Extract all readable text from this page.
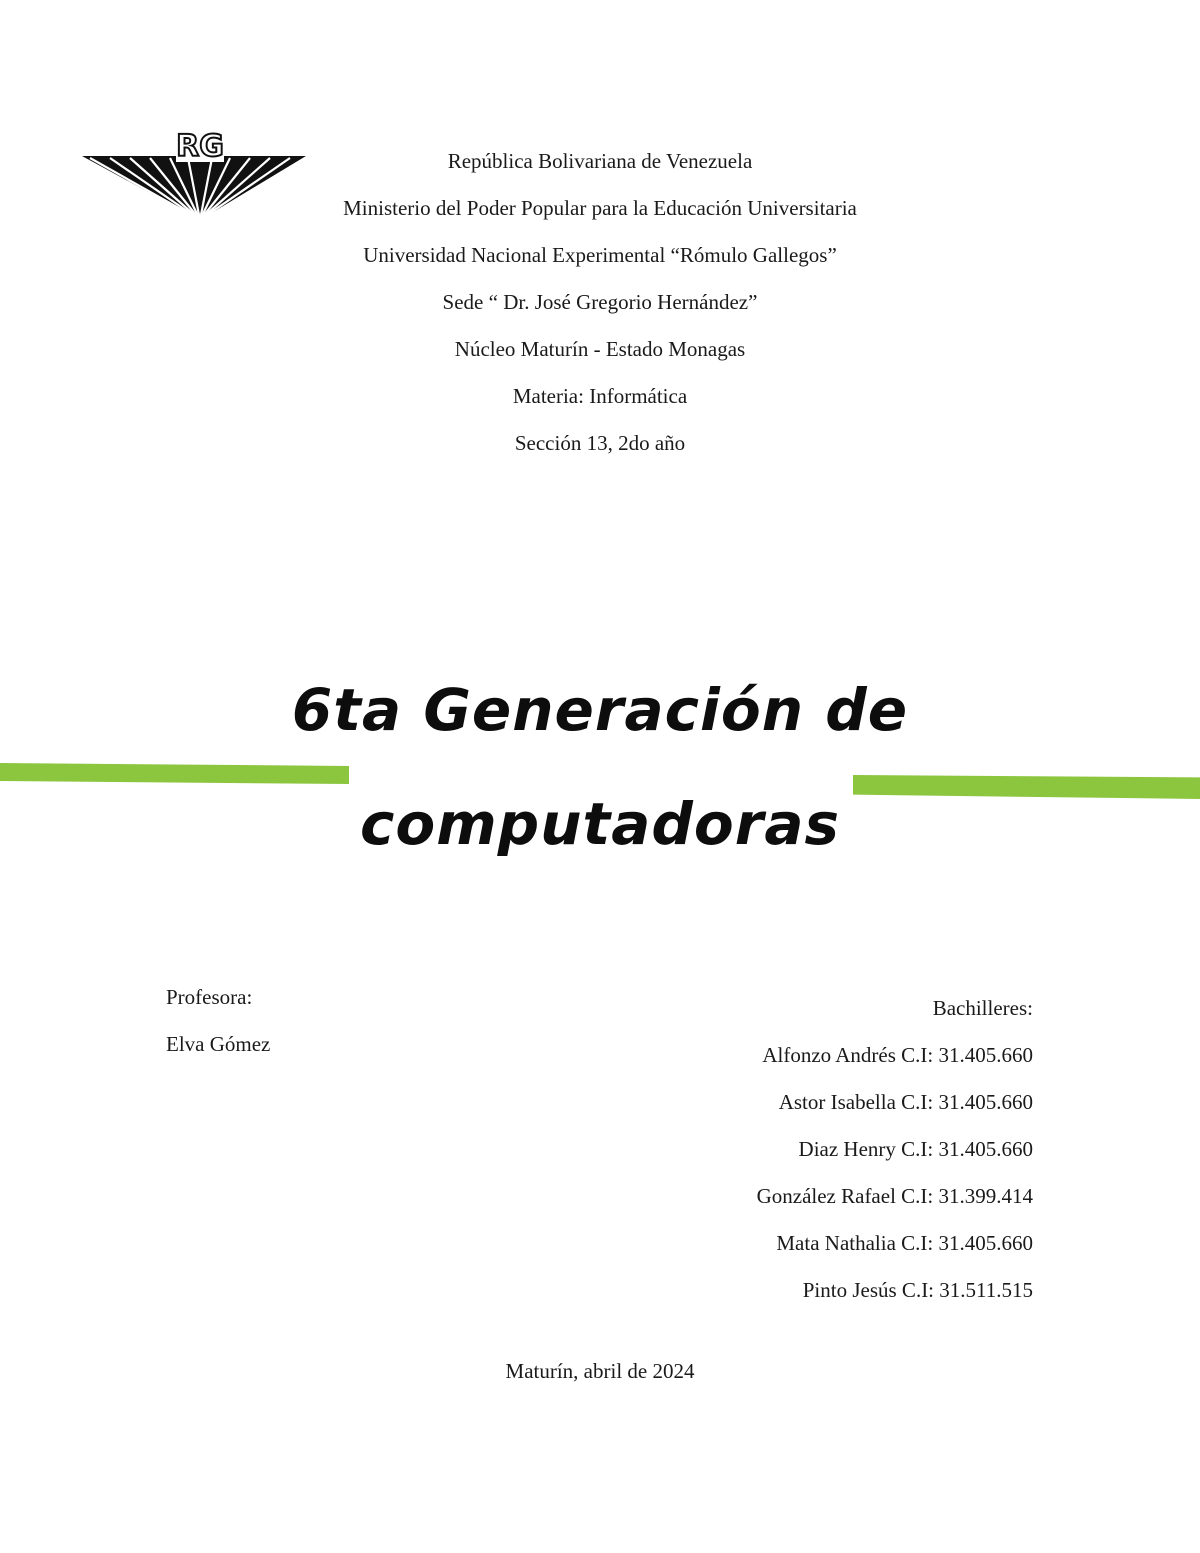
RG	República Bolivariana de Venezuela
Ministerio del Poder Popular para la Educación Universitaria
Universidad Nacional Experimental “Rómulo Gallegos”
Sede “ Dr. José Gregorio Hernández”
Núcleo Maturín - Estado Monagas
Materia: Informática
Sección 13, 2do año
6ta Generación de
computadoras
Profesora:
Elva Gómez
Bachilleres:
Alfonzo Andrés C.I: 31.405.660
Astor Isabella C.I: 31.405.660
Diaz Henry C.I: 31.405.660
González Rafael C.I: 31.399.414
Mata Nathalia C.I: 31.405.660
Pinto Jesús C.I: 31.511.515
Maturín, abril de 2024
